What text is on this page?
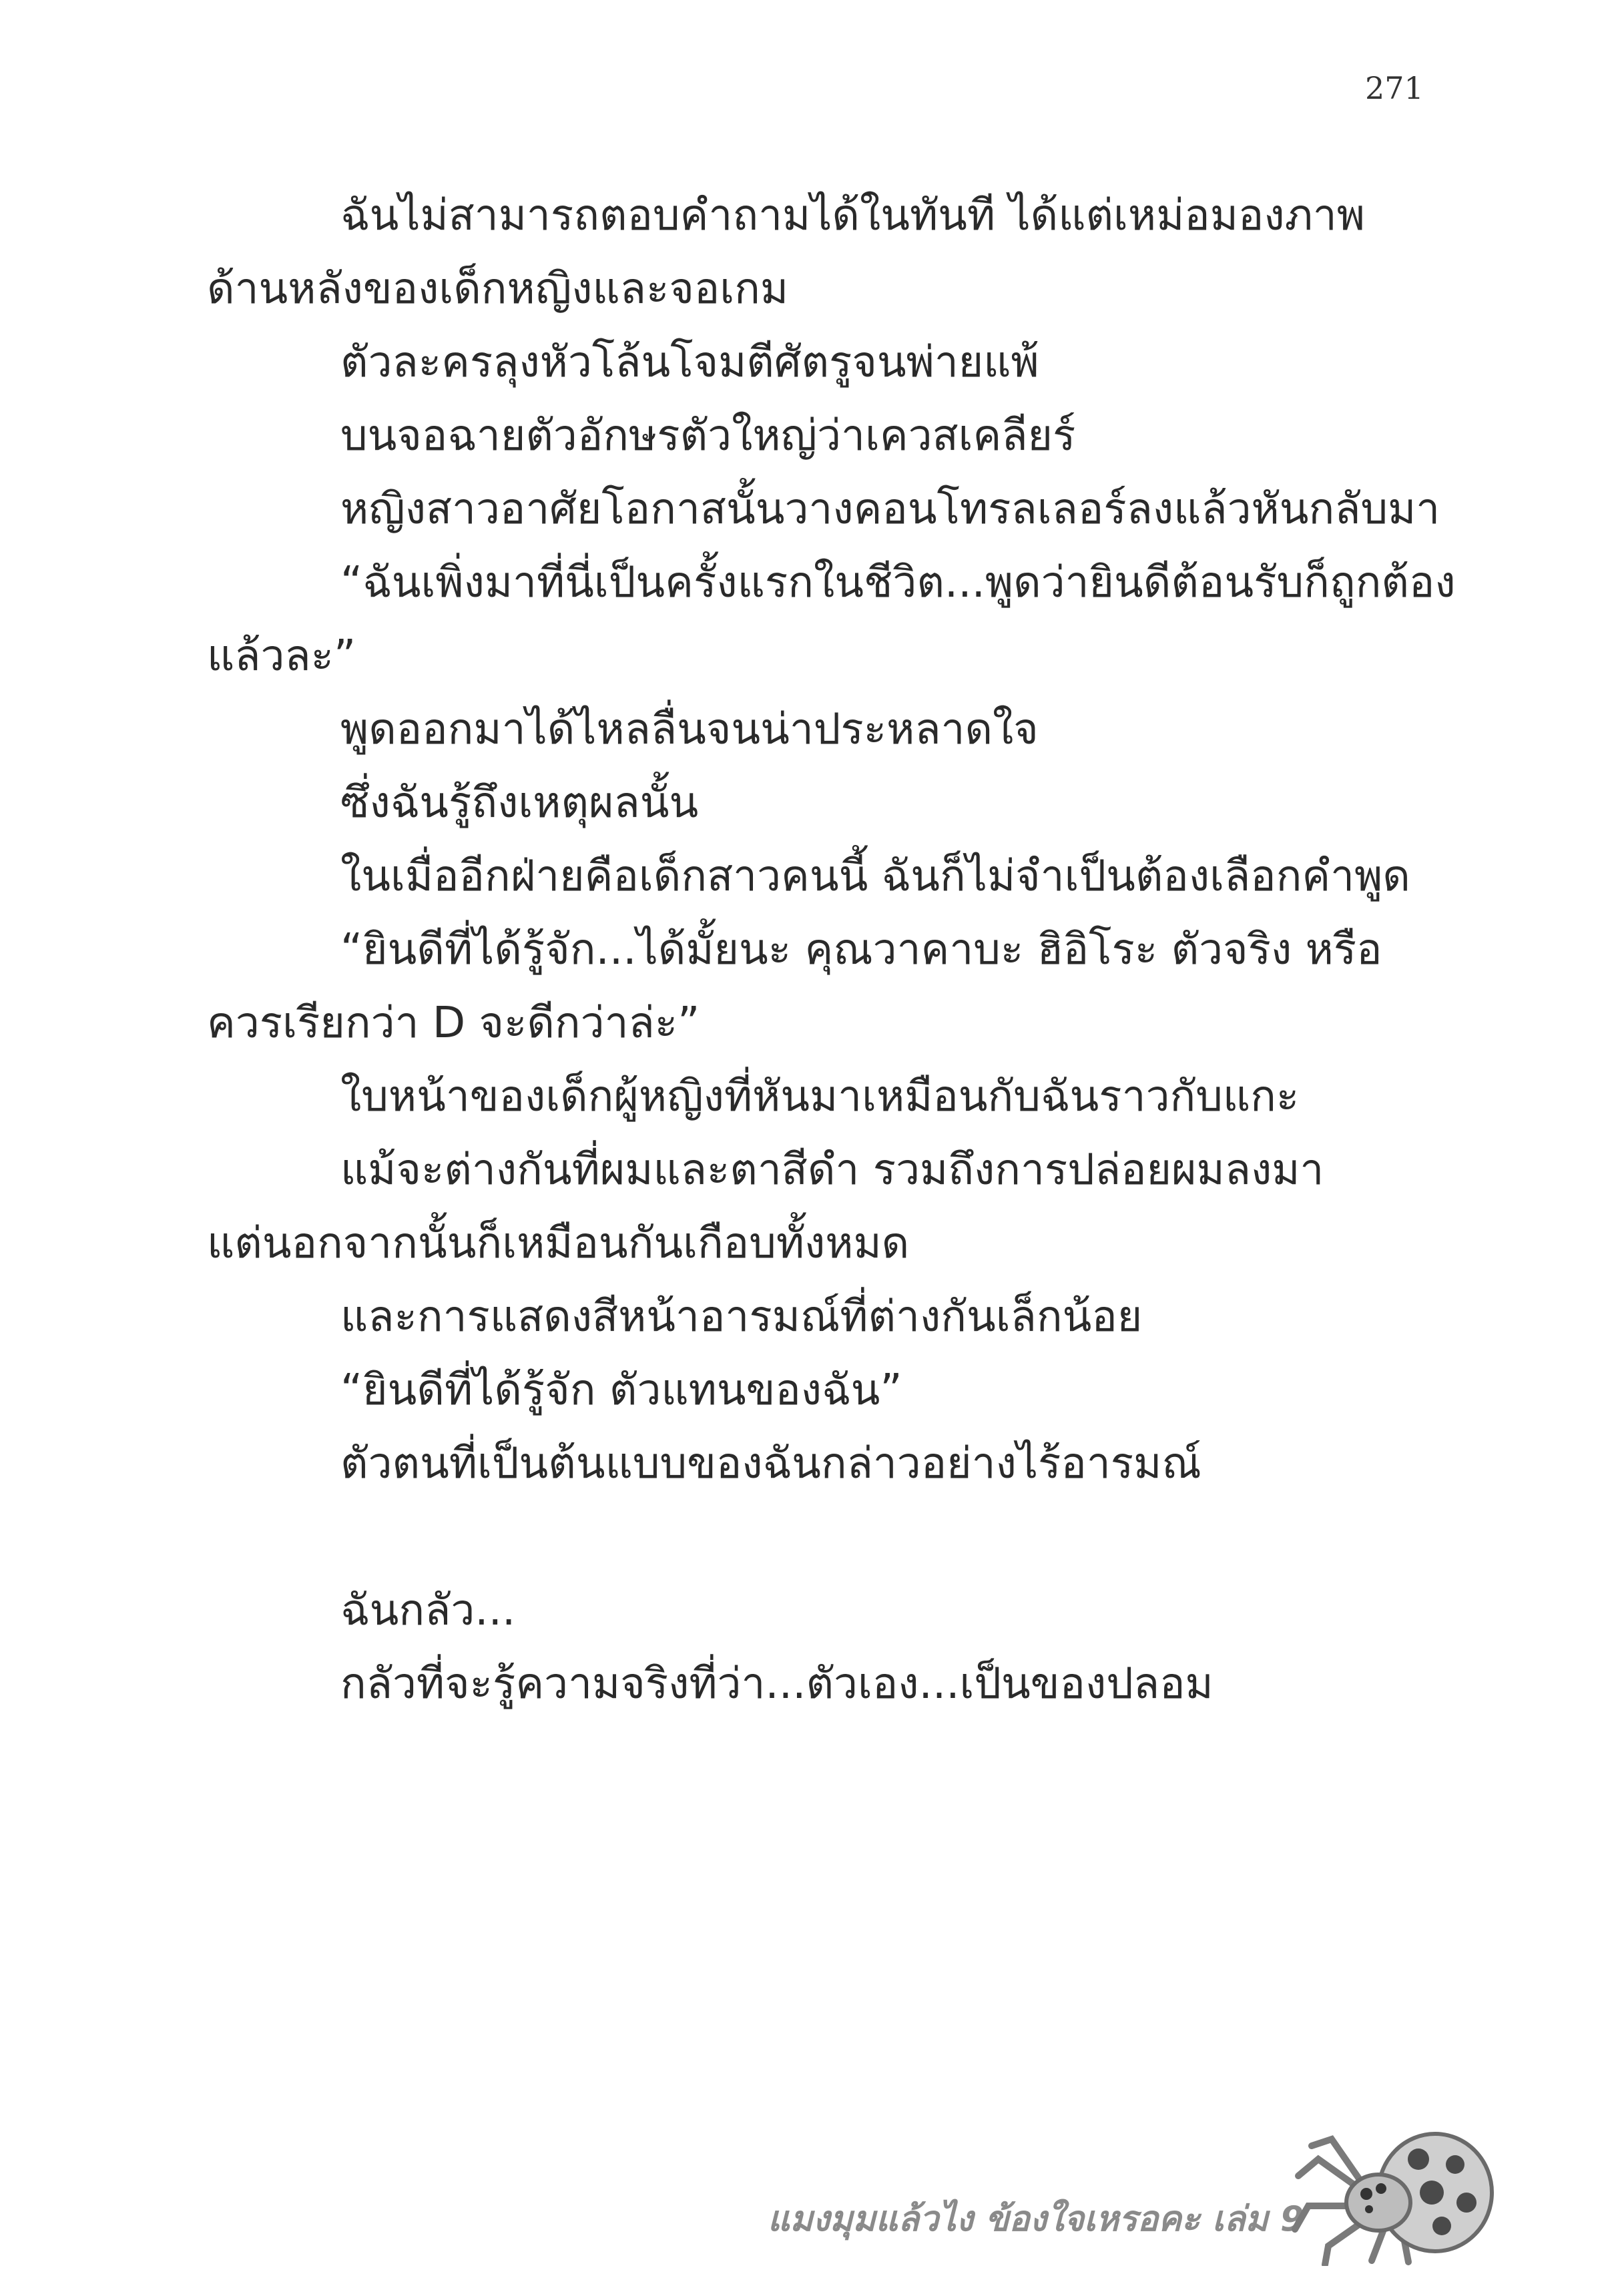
271
ฉันไม่สามารถตอบคำถามได้ในทันที ได้แต่เหม่อมองภาพ
ด้านหลังของเด็กหญิงและจอเกม
ตัวละครลุงหัวโล้นโจมตีศัตรูจนพ่ายแพ้
บนจอฉายตัวอักษรตัวใหญ่ว่าเควสเคลียร์
หญิงสาวอาศัยโอกาสนั้นวางคอนโทรลเลอร์ลงแล้วหันกลับมา
“ฉันเพิ่งมาที่นี่เป็นครั้งแรกในชีวิต...พูดว่ายินดีต้อนรับก็ถูกต้อง
แล้วละ”
พูดออกมาได้ไหลลื่นจนน่าประหลาดใจ
ซึ่งฉันรู้ถึงเหตุผลนั้น
ในเมื่ออีกฝ่ายคือเด็กสาวคนนี้ ฉันก็ไม่จำเป็นต้องเลือกคำพูด
“ยินดีที่ได้รู้จัก...ได้มั้ยนะ คุณวาคาบะ ฮิอิโระ ตัวจริง หรือ
ควรเรียกว่า D จะดีกว่าล่ะ”
ใบหน้าของเด็กผู้หญิงที่หันมาเหมือนกับฉันราวกับแกะ
แม้จะต่างกันที่ผมและตาสีดำ รวมถึงการปล่อยผมลงมา
แต่นอกจากนั้นก็เหมือนกันเกือบทั้งหมด
และการแสดงสีหน้าอารมณ์ที่ต่างกันเล็กน้อย
“ยินดีที่ได้รู้จัก ตัวแทนของฉัน”
ตัวตนที่เป็นต้นแบบของฉันกล่าวอย่างไร้อารมณ์
ฉันกลัว...
กลัวที่จะรู้ความจริงที่ว่า...ตัวเอง...เป็นของปลอม
แมงมุมแล้วไง ข้องใจเหรอคะ เล่ม 9
